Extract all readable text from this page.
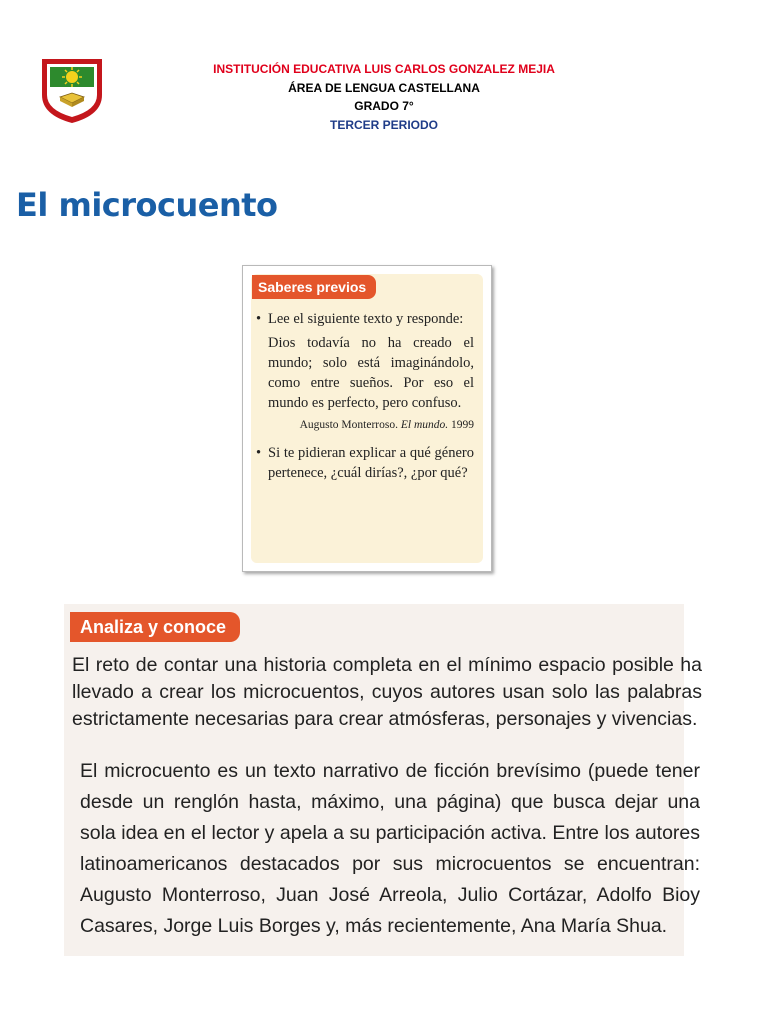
INSTITUCIÓN EDUCATIVA LUIS CARLOS GONZALEZ MEJIA
ÁREA DE LENGUA CASTELLANA
GRADO 7°
TERCER PERIODO
El microcuento
Saberes previos
• Lee el siguiente texto y responde:
Dios todavía no ha creado el mundo; solo está imaginándolo, como entre sueños. Por eso el mundo es perfecto, pero confuso.
Augusto Monterroso. El mundo. 1999
• Si te pidieran explicar a qué género pertenece, ¿cuál dirías?, ¿por qué?
Analiza y conoce
El reto de contar una historia completa en el mínimo espacio posible ha llevado a crear los microcuentos, cuyos autores usan solo las palabras estrictamente necesarias para crear atmósferas, personajes y vivencias.
El microcuento es un texto narrativo de ficción brevísimo (puede tener desde un renglón hasta, máximo, una página) que busca dejar una sola idea en el lector y apela a su participación activa. Entre los autores latinoamericanos destacados por sus microcuentos se encuentran: Augusto Monterroso, Juan José Arreola, Julio Cortázar, Adolfo Bioy Casares, Jorge Luis Borges y, más recientemente, Ana María Shua.
